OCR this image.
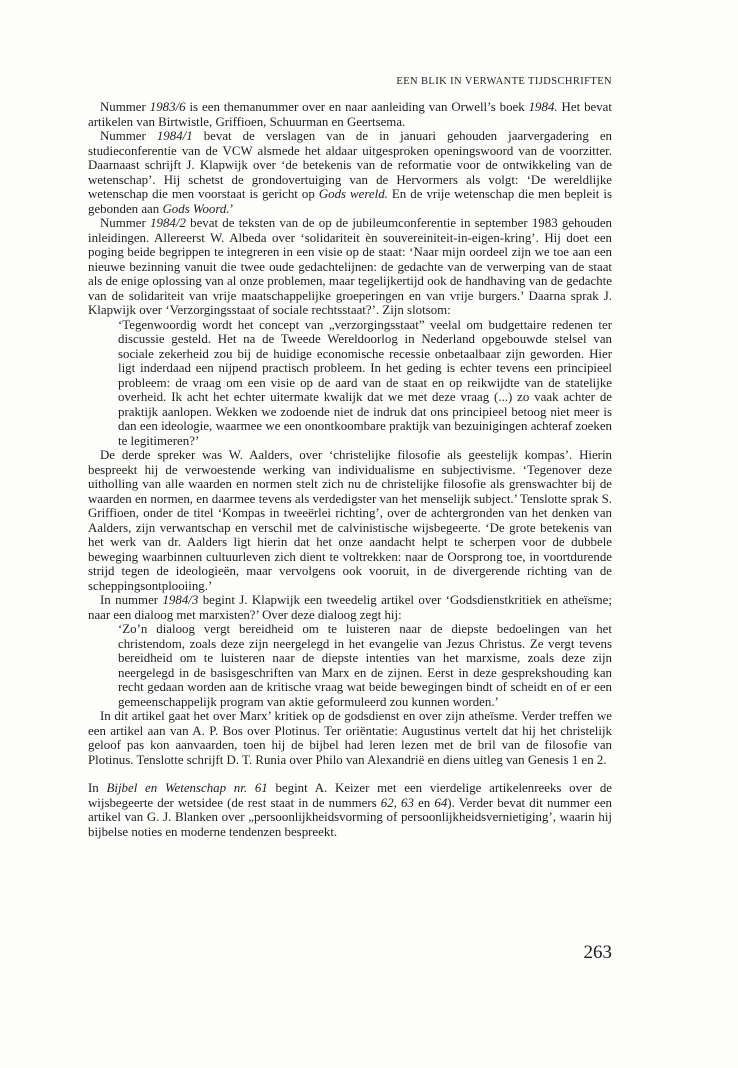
EEN BLIK IN VERWANTE TIJDSCHRIFTEN

Nummer 1983/6 is een themanummer over en naar aanleiding van Orwell’s boek 1984. Het bevat artikelen van Birtwistle, Griffioen, Schuurman en Geertsema.

Nummer 1984/1 bevat de verslagen van de in januari gehouden jaarvergadering en studieconferentie van de VCW alsmede het aldaar uitgesproken openingswoord van de voorzitter. Daarnaast schrijft J. Klapwijk over ‘de betekenis van de reformatie voor de ontwikkeling van de wetenschap’. Hij schetst de grondovertuiging van de Hervormers als volgt: ‘De wereldlijke wetenschap die men voorstaat is gericht op Gods wereld. En de vrije wetenschap die men bepleit is gebonden aan Gods Woord.’

Nummer 1984/2 bevat de teksten van de op de jubileumconferentie in september 1983 gehouden inleidingen. Allereerst W. Albeda over ‘solidariteit èn souvereiniteit-in-eigen-kring’. Hij doet een poging beide begrippen te integreren in een visie op de staat: ‘Naar mijn oordeel zijn we toe aan een nieuwe bezinning vanuit die twee oude gedachtelijnen: de gedachte van de verwerping van de staat als de enige oplossing van al onze problemen, maar tegelijkertijd ook de handhaving van de gedachte van de solidariteit van vrije maatschappelijke groeperingen en van vrije burgers.’ Daarna sprak J. Klapwijk over ‘Verzorgingsstaat of sociale rechtsstaat?’. Zijn slotsom:

‘Tegenwoordig wordt het concept van „verzorgingsstaat” veelal om budgettaire redenen ter discussie gesteld. Het na de Tweede Wereldoorlog in Nederland opgebouwde stelsel van sociale zekerheid zou bij de huidige economische recessie onbetaalbaar zijn geworden. Hier ligt inderdaad een nijpend practisch probleem. In het geding is echter tevens een principieel probleem: de vraag om een visie op de aard van de staat en op reikwijdte van de statelijke overheid. Ik acht het echter uitermate kwalijk dat we met deze vraag (...) zo vaak achter de praktijk aanlopen. Wekken we zodoende niet de indruk dat ons principieel betoog niet meer is dan een ideologie, waarmee we een onontkoombare praktijk van bezuinigingen achteraf zoeken te legitimeren?’

De derde spreker was W. Aalders, over ‘christelijke filosofie als geestelijk kompas’. Hierin bespreekt hij de verwoestende werking van individualisme en subjectivisme. ‘Tegenover deze uitholling van alle waarden en normen stelt zich nu de christelijke filosofie als grenswachter bij de waarden en normen, en daarmee tevens als verdedigster van het menselijk subject.’ Tenslotte sprak S. Griffioen, onder de titel ‘Kompas in tweeërlei richting’, over de achtergronden van het denken van Aalders, zijn verwantschap en verschil met de calvinistische wijsbegeerte. ‘De grote betekenis van het werk van dr. Aalders ligt hierin dat het onze aandacht helpt te scherpen voor de dubbele beweging waarbinnen cultuurleven zich dient te voltrekken: naar de Oorsprong toe, in voortdurende strijd tegen de ideologieën, maar vervolgens ook vooruit, in de divergerende richting van de scheppingsontplooiing.’

In nummer 1984/3 begint J. Klapwijk een tweedelig artikel over ‘Godsdienstkritiek en atheïsme; naar een dialoog met marxisten?’ Over deze dialoog zegt hij:

‘Zo’n dialoog vergt bereidheid om te luisteren naar de diepste bedoelingen van het christendom, zoals deze zijn neergelegd in het evangelie van Jezus Christus. Ze vergt tevens bereidheid om te luisteren naar de diepste intenties van het marxisme, zoals deze zijn neergelegd in de basisgeschriften van Marx en de zijnen. Eerst in deze gesprekshouding kan recht gedaan worden aan de kritische vraag wat beide bewegingen bindt of scheidt en of er een gemeenschappelijk program van aktie geformuleerd zou kunnen worden.’

In dit artikel gaat het over Marx’ kritiek op de godsdienst en over zijn atheïsme. Verder treffen we een artikel aan van A. P. Bos over Plotinus. Ter oriëntatie: Augustinus vertelt dat hij het christelijk geloof pas kon aanvaarden, toen hij de bijbel had leren lezen met de bril van de filosofie van Plotinus. Tenslotte schrijft D. T. Runia over Philo van Alexandrië en diens uitleg van Genesis 1 en 2.

In Bijbel en Wetenschap nr. 61 begint A. Keizer met een vierdelige artikelenreeks over de wijsbegeerte der wetsidee (de rest staat in de nummers 62, 63 en 64). Verder bevat dit nummer een artikel van G. J. Blanken over „persoonlijkheidsvorming of persoonlijkheidsvernietiging’, waarin hij bijbelse noties en moderne tendenzen bespreekt.

263
